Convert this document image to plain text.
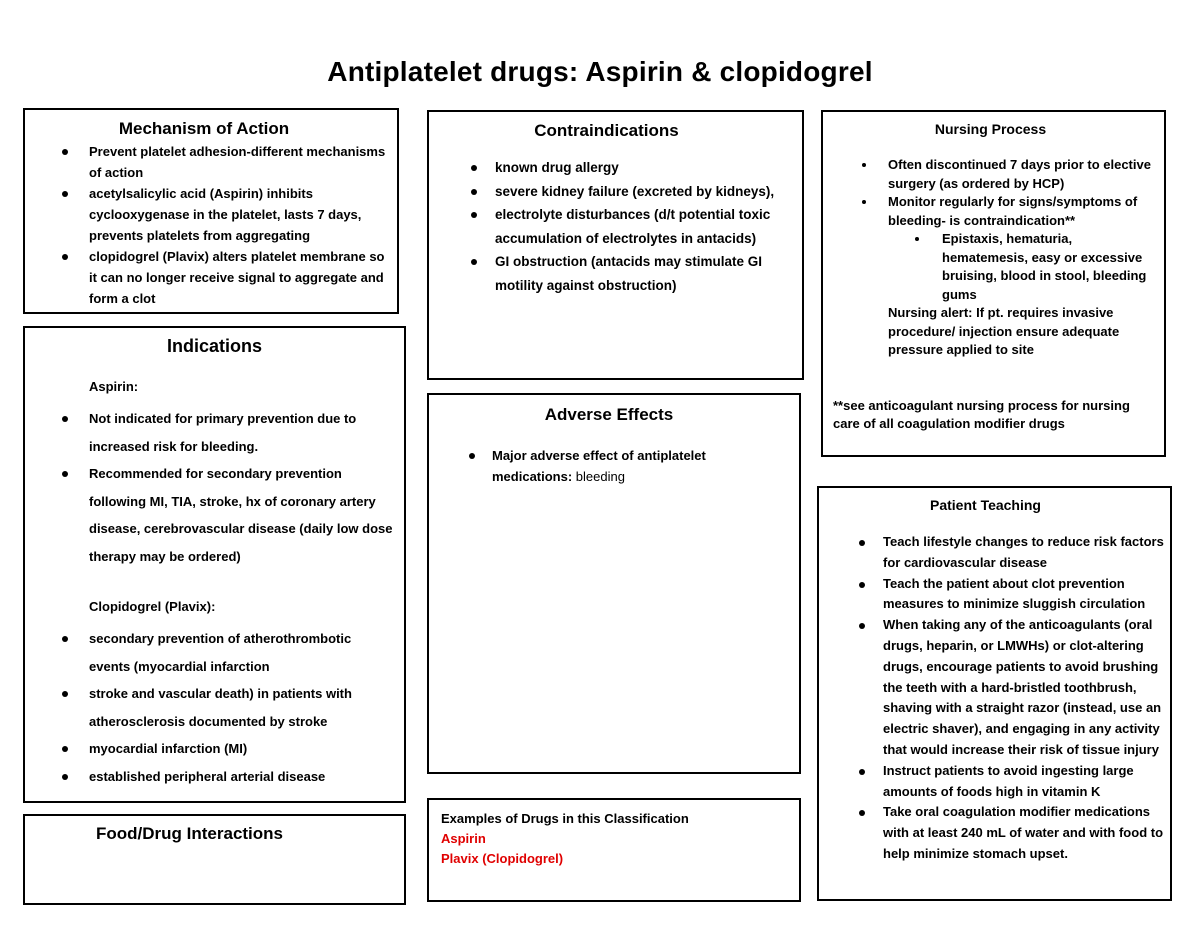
Antiplatelet drugs: Aspirin & clopidogrel
Mechanism of Action
Prevent platelet adhesion-different mechanisms of action
acetylsalicylic acid (Aspirin) inhibits cyclooxygenase in the platelet, lasts 7 days, prevents platelets from aggregating
clopidogrel (Plavix) alters platelet membrane so it can no longer receive signal to aggregate and form a clot
Indications
Aspirin:
Not indicated for primary prevention due to increased risk for bleeding.
Recommended for secondary prevention following MI, TIA, stroke, hx of coronary artery disease, cerebrovascular disease (daily low dose therapy may be ordered)
Clopidogrel (Plavix):
secondary prevention of atherothrombotic events (myocardial infarction
stroke and vascular death) in patients with atherosclerosis documented by stroke
myocardial infarction (MI)
established peripheral arterial disease
Food/Drug Interactions
Contraindications
known drug allergy
severe kidney failure (excreted by kidneys),
electrolyte disturbances (d/t potential toxic accumulation of electrolytes in antacids)
GI obstruction (antacids may stimulate GI motility against obstruction)
Adverse Effects
Major adverse effect of antiplatelet medications: bleeding
Examples of Drugs in this Classification
Aspirin
Plavix (Clopidogrel)
Nursing Process
Often discontinued 7 days prior to elective surgery (as ordered by HCP)
Monitor regularly for signs/symptoms of bleeding- is contraindication**
Epistaxis, hematuria, hematemesis, easy or excessive bruising, blood in stool, bleeding gums
Nursing alert: If pt. requires invasive procedure/ injection ensure adequate pressure applied to site
**see anticoagulant nursing process for nursing care of all coagulation modifier drugs
Patient Teaching
Teach lifestyle changes to reduce risk factors for cardiovascular disease
Teach the patient about clot prevention measures to minimize sluggish circulation
When taking any of the anticoagulants (oral drugs, heparin, or LMWHs) or clot-altering drugs, encourage patients to avoid brushing the teeth with a hard-bristled toothbrush, shaving with a straight razor (instead, use an electric shaver), and engaging in any activity that would increase their risk of tissue injury
Instruct patients to avoid ingesting large amounts of foods high in vitamin K
Take oral coagulation modifier medications with at least 240 mL of water and with food to help minimize stomach upset.
